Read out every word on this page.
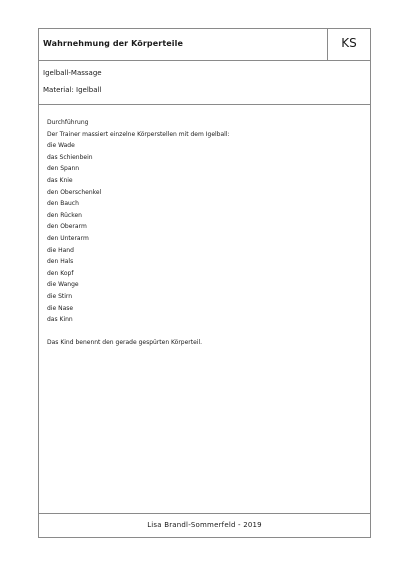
Wahrnehmung der Körperteile	KS
Igelball-Massage
Material: Igelball
Durchführung
Der Trainer massiert einzelne Körperstellen mit dem Igelball:
die Wade
das Schienbein
den Spann
das Knie
den Oberschenkel
den Bauch
den Rücken
den Oberarm
den Unterarm
die Hand
den Hals
den Kopf
die Wange
die Stirn
die Nase
das Kinn
Das Kind benennt den gerade gespürten Körperteil.
Lisa Brandl-Sommerfeld - 2019
